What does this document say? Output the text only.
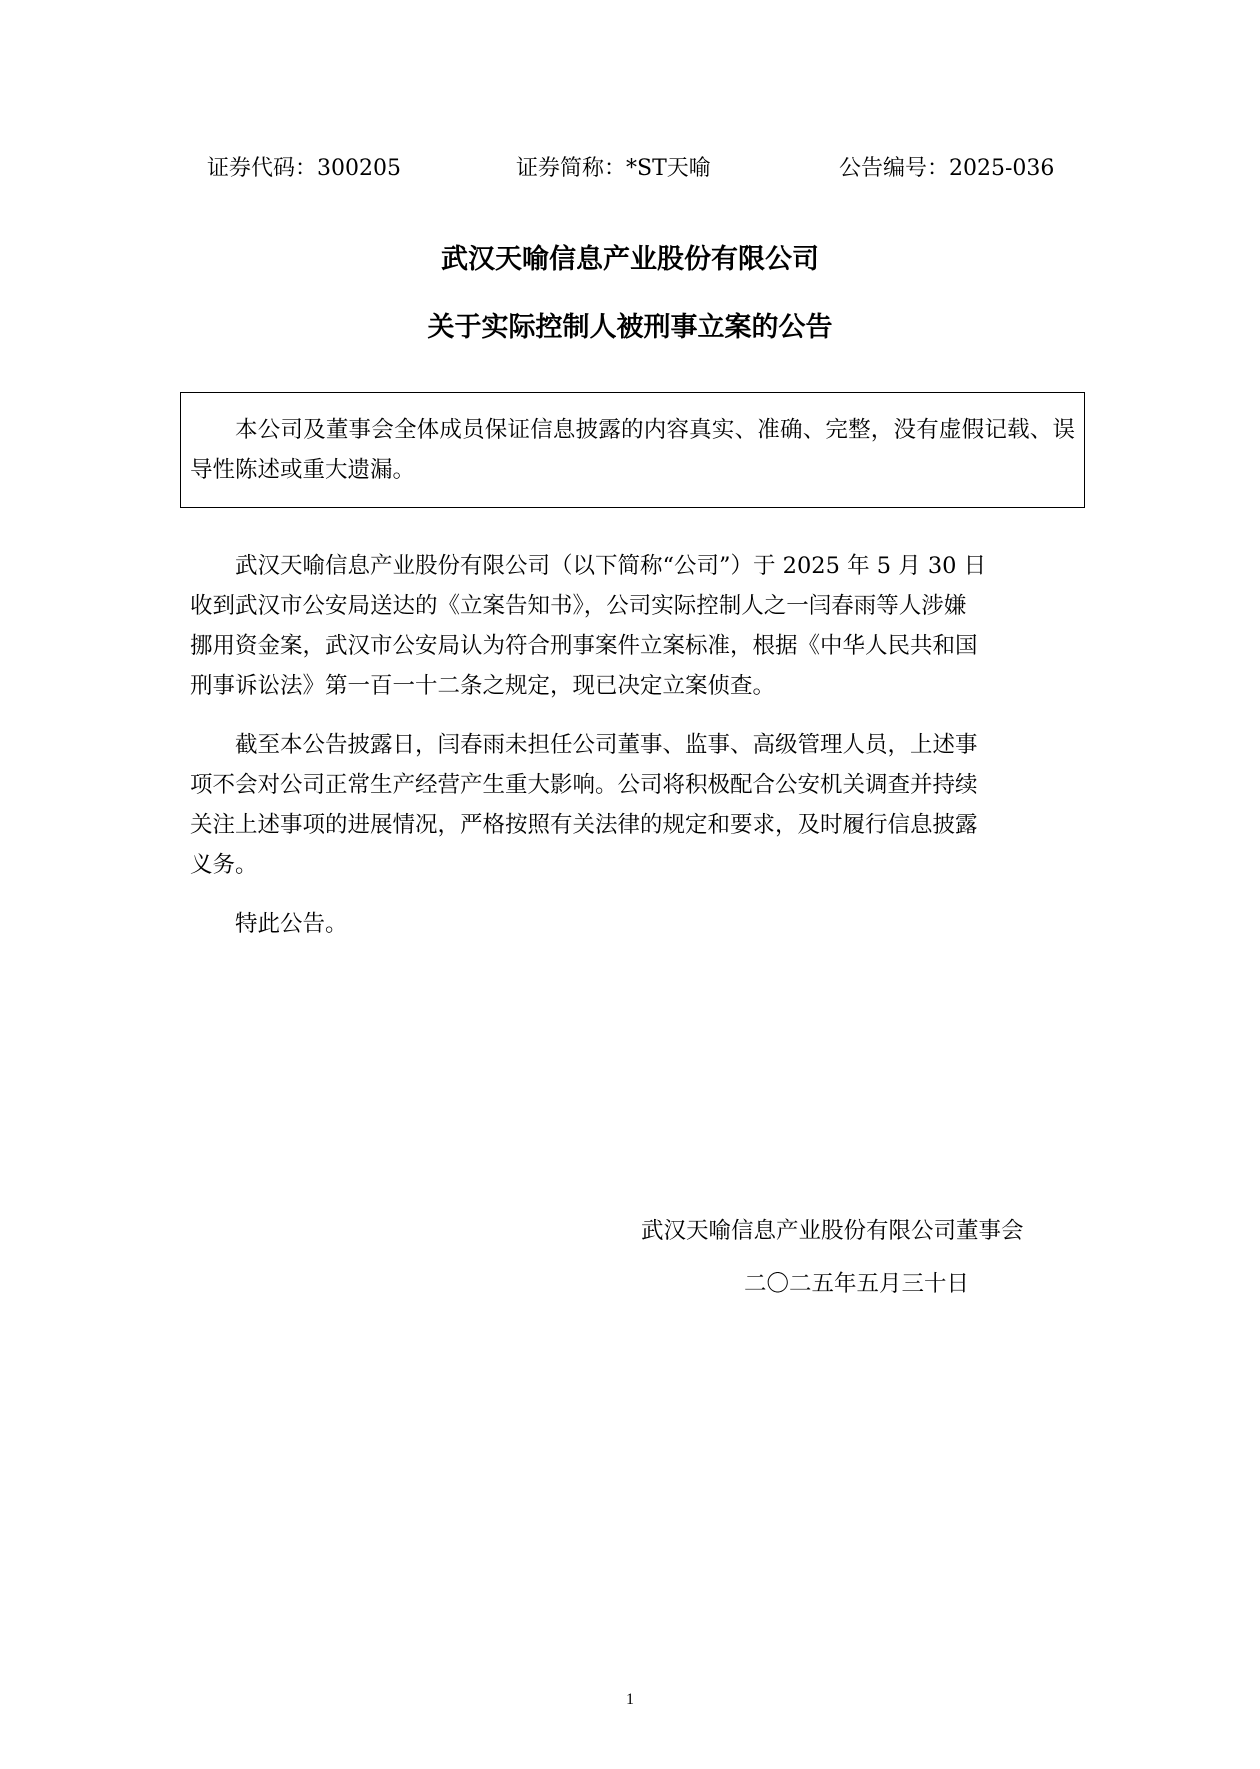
证券代码：300205	证券简称：*ST天喻	公告编号：2025-036
武汉天喻信息产业股份有限公司
关于实际控制人被刑事立案的公告
本公司及董事会全体成员保证信息披露的内容真实、准确、完整，没有虚假记载、误导性陈述或重大遗漏。

武汉天喻信息产业股份有限公司（以下简称“公司”）于 2025 年 5 月 30 日

收到武汉市公安局送达的《立案告知书》，公司实际控制人之一闫春雨等人涉嫌

挪用资金案，武汉市公安局认为符合刑事案件立案标准，根据《中华人民共和国

刑事诉讼法》第一百一十二条之规定，现已决定立案侦查。

截至本公告披露日，闫春雨未担任公司董事、监事、高级管理人员，上述事

项不会对公司正常生产经营产生重大影响。公司将积极配合公安机关调查并持续

关注上述事项的进展情况，严格按照有关法律的规定和要求，及时履行信息披露

义务。

特此公告。

武汉天喻信息产业股份有限公司董事会
二〇二五年五月三十日
1
